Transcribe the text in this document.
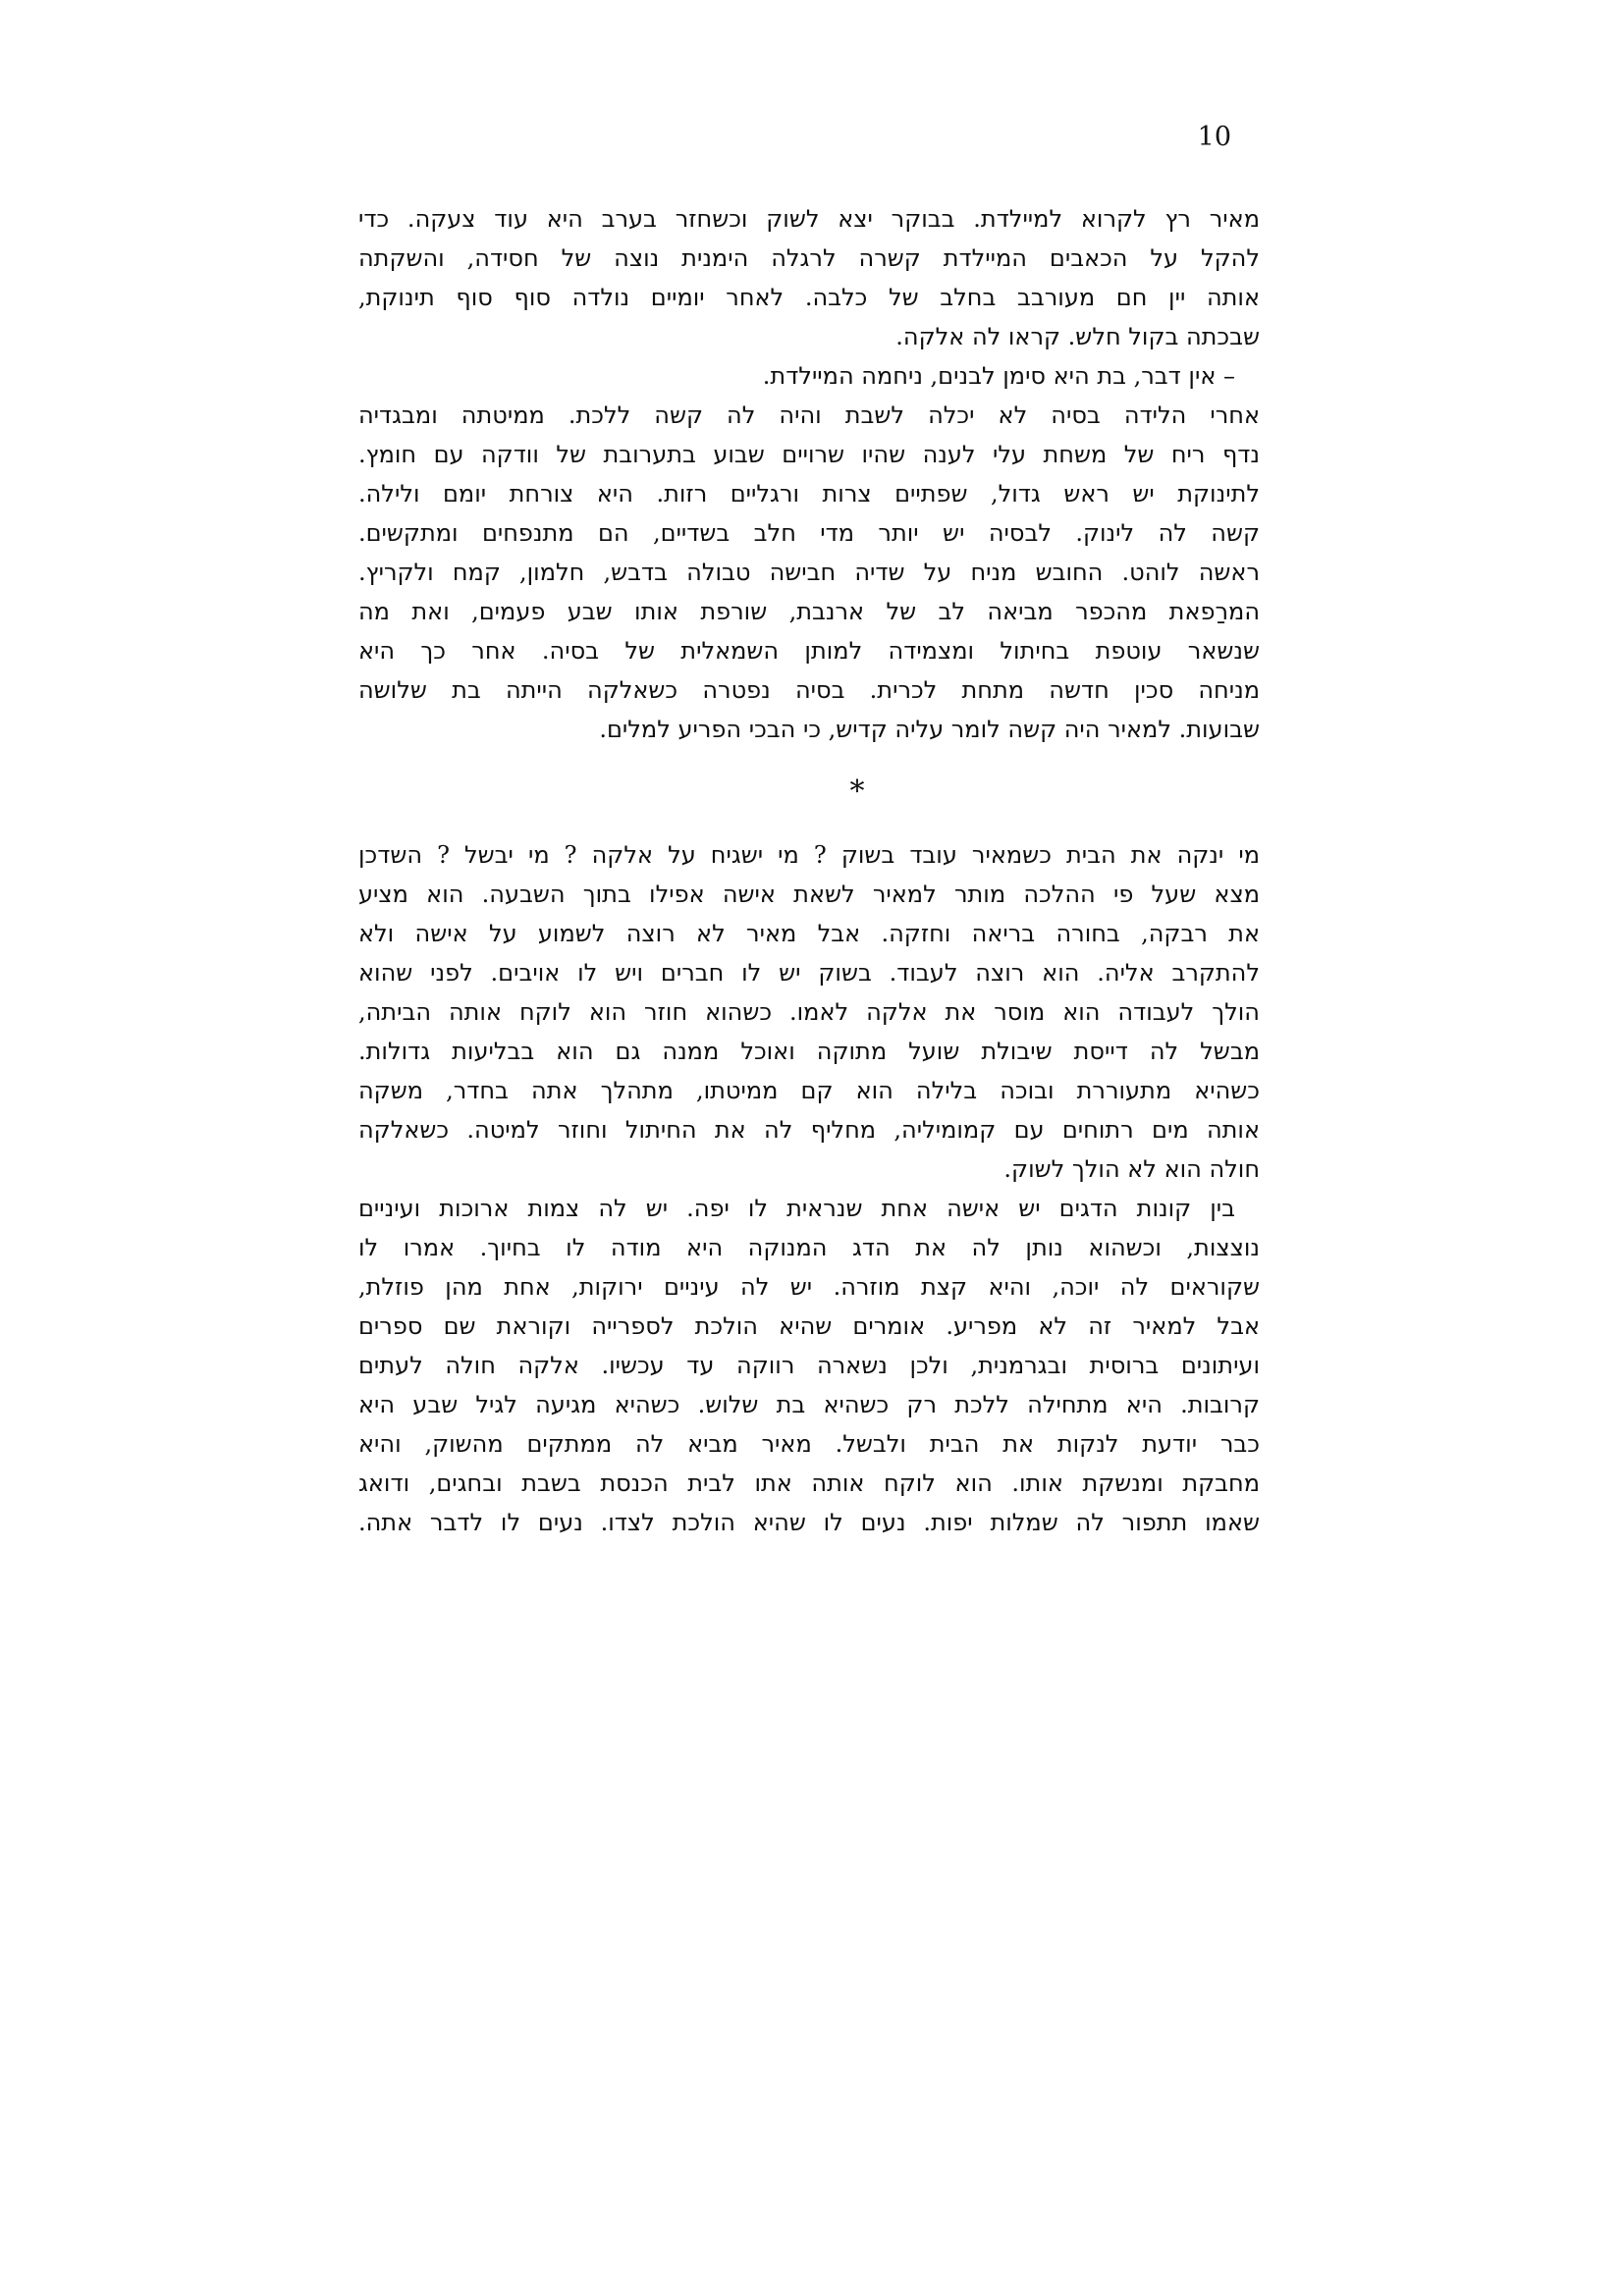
10
מאיר רץ לקרוא למיילדת. בבוקר יצא לשוק וכשחזר בערב היא עוד צעקה. כדי
להקל על הכאבים המיילדת קשרה לרגלה הימנית נוצה של חסידה, והשקתה
אותה יין חם מעורבב בחלב של כלבה. לאחר יומיים נולדה סוף סוף תינוקת,
שבכתה בקול חלש. קראו לה אלקה.
– אין דבר, בת היא סימן לבנים, ניחמה המיילדת.
אחרי הלידה בסיה לא יכלה לשבת והיה לה קשה ללכת. ממיטתה ומבגדיה
נדף ריח של משחת עלי לענה שהיו שרויים שבוע בתערובת של וודקה עם חומץ.
לתינוקת יש ראש גדול, שפתיים צרות ורגליים רזות. היא צורחת יומם ולילה.
קשה לה לינוק. לבסיה יש יותר מדי חלב בשדיים, הם מתנפחים ומתקשים.
ראשה לוהט. החובש מניח על שדיה חבישה טבולה בדבש, חלמון, קמח ולקריץ.
המרַפאת מהכפר מביאה לב של ארנבת, שורפת אותו שבע פעמים, ואת מה
שנשאר עוטפת בחיתול ומצמידה למותן השמאלית של בסיה. אחר כך היא
מניחה סכין חדשה מתחת לכרית. בסיה נפטרה כשאלקה הייתה בת שלושה
שבועות. למאיר היה קשה לומר עליה קדיש, כי הבכי הפריע למלים.
*
מי ינקה את הבית כשמאיר עובד בשוק ? מי ישגיח על אלקה ? מי יבשל ? השדכן
מצא שעל פי ההלכה מותר למאיר לשאת אישה אפילו בתוך השבעה. הוא מציע
את רבקה, בחורה בריאה וחזקה. אבל מאיר לא רוצה לשמוע על אישה ולא
להתקרב אליה. הוא רוצה לעבוד. בשוק יש לו חברים ויש לו אויבים. לפני שהוא
הולך לעבודה הוא מוסר את אלקה לאמו. כשהוא חוזר הוא לוקח אותה הביתה,
מבשל לה דייסת שיבולת שועל מתוקה ואוכל ממנה גם הוא בבליעות גדולות.
כשהיא מתעוררת ובוכה בלילה הוא קם ממיטתו, מתהלך אתה בחדר, משקה
אותה מים רתוחים עם קמומיליה, מחליף לה את החיתול וחוזר למיטה. כשאלקה
חולה הוא לא הולך לשוק.
בין קונות הדגים יש אישה אחת שנראית לו יפה. יש לה צמות ארוכות ועיניים
נוצצות, וכשהוא נותן לה את הדג המנוקה היא מודה לו בחיוך. אמרו לו
שקוראים לה יוכה, והיא קצת מוזרה. יש לה עיניים ירוקות, אחת מהן פוזלת,
אבל למאיר זה לא מפריע. אומרים שהיא הולכת לספרייה וקוראת שם ספרים
ועיתונים ברוסית ובגרמנית, ולכן נשארה רווקה עד עכשיו. אלקה חולה לעתים
קרובות. היא מתחילה ללכת רק כשהיא בת שלוש. כשהיא מגיעה לגיל שבע היא
כבר יודעת לנקות את הבית ולבשל. מאיר מביא לה ממתקים מהשוק, והיא
מחבקת ומנשקת אותו. הוא לוקח אותה אתו לבית הכנסת בשבת ובחגים, ודואג
שאמו תתפור לה שמלות יפות. נעים לו שהיא הולכת לצדו. נעים לו לדבר אתה.
